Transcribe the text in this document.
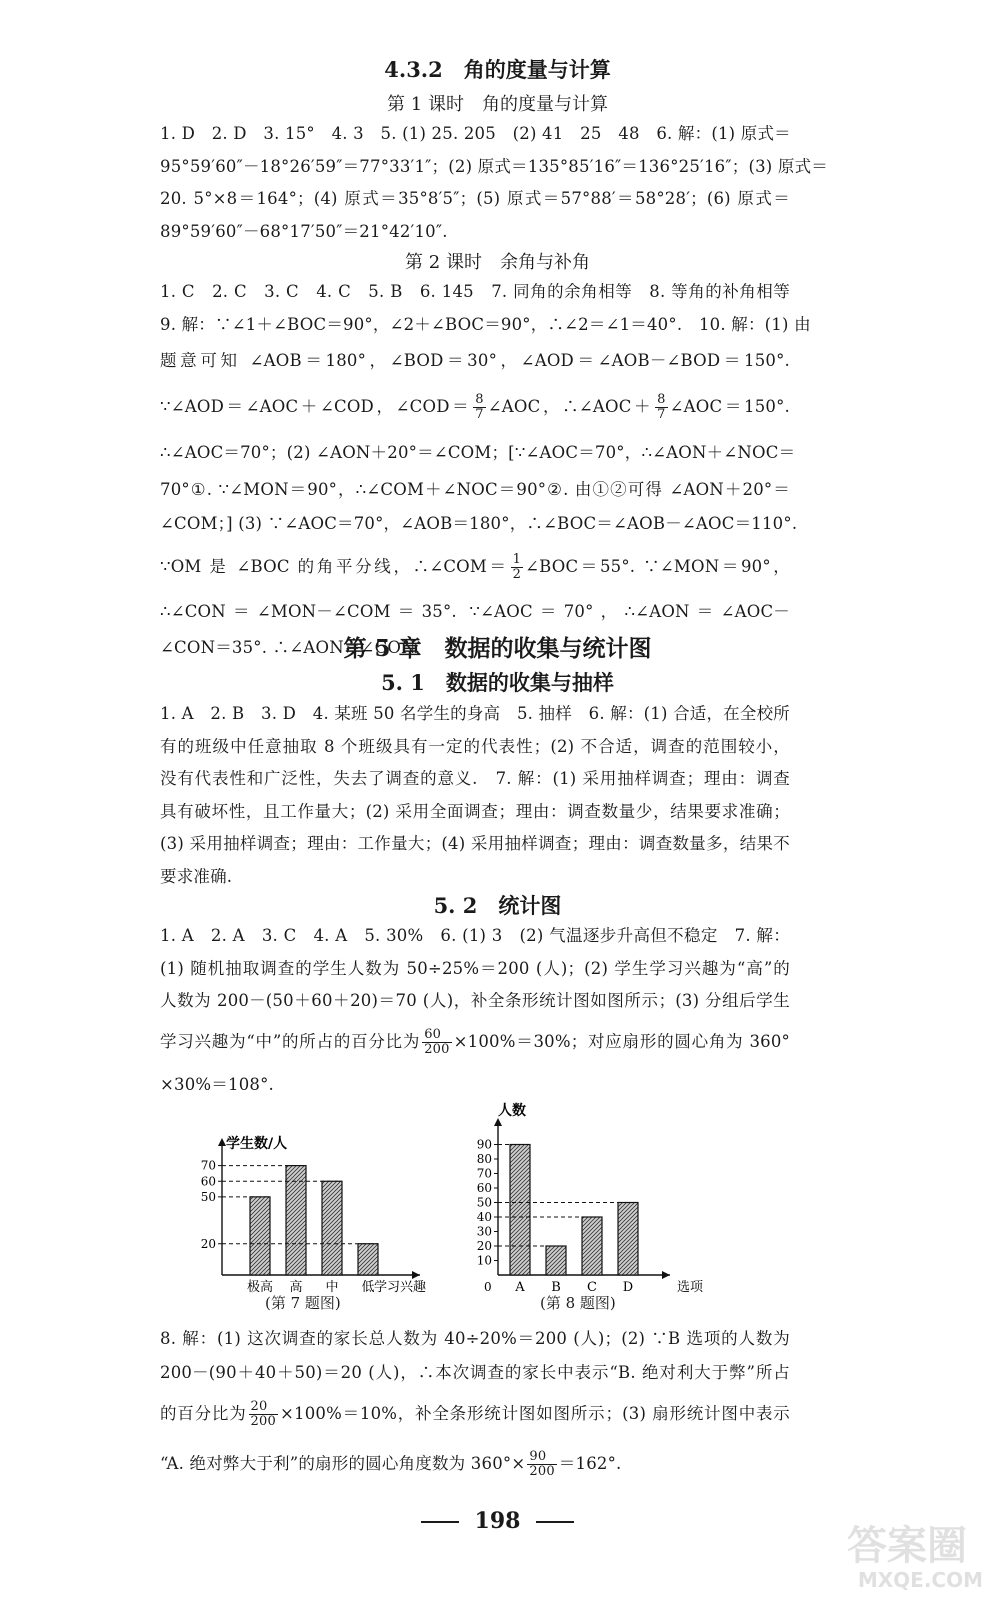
4.3.2　角的度量与计算
第 1 课时　角的度量与计算
1. D　2. D　3. 15°　4. 3　5. (1) 25. 205　(2) 41　25　48　6. 解：(1) 原式＝
95°59′60″－18°26′59″＝77°33′1″；(2) 原式＝135°85′16″＝136°25′16″；(3) 原式＝
20. 5°×8＝164°；(4) 原式＝35°8′5″；(5) 原式＝57°88′＝58°28′；(6) 原式＝
89°59′60″－68°17′50″＝21°42′10″.
第 2 课时　余角与补角
1. C　2. C　3. C　4. C　5. B　6. 145　7. 同角的余角相等　8. 等角的补角相等
9. 解：∵∠1＋∠BOC＝90°，∠2＋∠BOC＝90°，∴∠2＝∠1＝40°.　10. 解：(1) 由
题意可知 ∠AOB＝180°，∠BOD＝30°，∠AOD＝∠AOB－∠BOD＝150°.
∵∠AOD＝∠AOC＋∠COD，∠COD＝ $\frac{8}{7}$ ∠AOC，∴∠AOC＋ $\frac{8}{7}$ ∠AOC＝150°.
∴∠AOC＝70°；(2) ∠AON＋20°＝∠COM；[∵∠AOC＝70°，∴∠AON＋∠NOC＝
70°①. ∵∠MON＝90°，∴∠COM＋∠NOC＝90°②. 由①②可得 ∠AON＋20°＝
∠COM；] (3) ∵∠AOC＝70°，∠AOB＝180°，∴∠BOC＝∠AOB－∠AOC＝110°.
∵OM 是 ∠BOC 的角平分线，∴∠COM＝ $\frac{1}{2}$ ∠BOC＝55°. ∵∠MON＝90°，
∴∠CON＝∠MON－∠COM＝35°. ∵∠AOC＝70°，∴∠AON＝∠AOC－
∠CON＝35°. ∴∠AON＝∠CON.
第 5 章　数据的收集与统计图
5. 1　数据的收集与抽样
1. A　2. B　3. D　4. 某班 50 名学生的身高　5. 抽样　6. 解：(1) 合适，在全校所
有的班级中任意抽取 8 个班级具有一定的代表性；(2) 不合适，调查的范围较小，
没有代表性和广泛性，失去了调查的意义.　7. 解：(1) 采用抽样调查；理由：调查
具有破坏性，且工作量大；(2) 采用全面调查；理由：调查数量少，结果要求准确；
(3) 采用抽样调查；理由：工作量大；(4) 采用抽样调查；理由：调查数量多，结果不
要求准确.
5. 2　统计图
1. A　2. A　3. C　4. A　5. 30%　6. (1) 3　(2) 气温逐步升高但不稳定　7. 解：
(1) 随机抽取调查的学生人数为 50÷25%＝200 (人)；(2) 学生学习兴趣为“高”的
人数为 200－(50＋60＋20)＝70 (人)，补全条形统计图如图所示；(3) 分组后学生
学习兴趣为“中”的所占的百分比为 $\frac{60}{200} \times 100\%=30\%$；对应扇形的圆心角为 360°
×30%＝108°.
学生数/人
20
50
60
70
极高 高 中 低 学习兴趣
(第 7 题图)
人数
10
20
30
40
50
60
70
80
90
0 A B C D	选项
(第 8 题图)
8. 解：(1) 这次调查的家长总人数为 40÷20%＝200 (人)；(2) ∵B 选项的人数为
200－(90＋40＋50)＝20 (人)，∴本次调查的家长中表示“B. 绝对利大于弊”所占
的百分比为 $\frac{20}{200} \times 100\%=10\%$，补全条形统计图如图所示；(3) 扇形统计图中表示
“A. 绝对弊大于利”的扇形的圆心角度数为 $360^\circ\times \frac{90}{200} =162^\circ$.
198
答案圈
MXQE.COM
